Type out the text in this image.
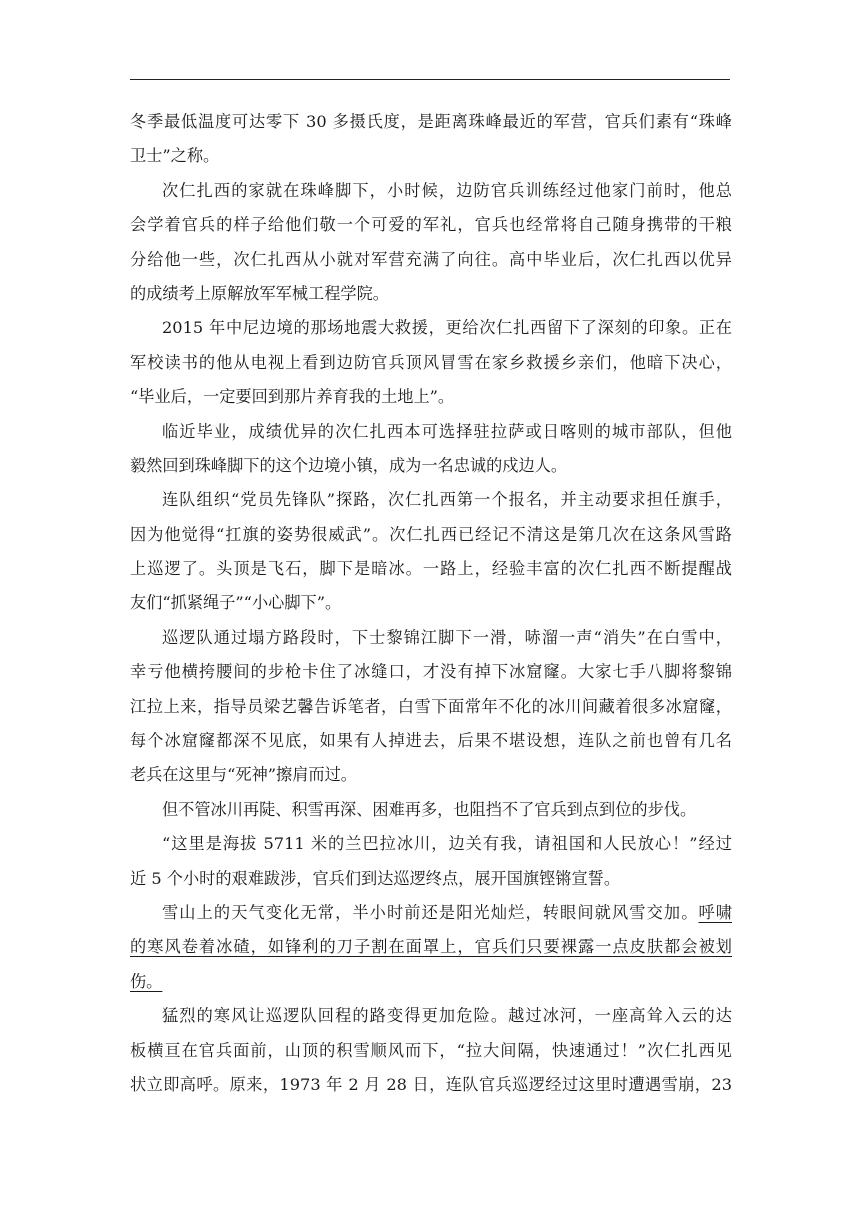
冬季最低温度可达零下 30 多摄氏度，是距离珠峰最近的军营，官兵们素有“珠峰
卫士”之称。
次仁扎西的家就在珠峰脚下，小时候，边防官兵训练经过他家门前时，他总
会学着官兵的样子给他们敬一个可爱的军礼，官兵也经常将自己随身携带的干粮
分给他一些，次仁扎西从小就对军营充满了向往。高中毕业后，次仁扎西以优异
的成绩考上原解放军军械工程学院。
2015 年中尼边境的那场地震大救援，更给次仁扎西留下了深刻的印象。正在
军校读书的他从电视上看到边防官兵顶风冒雪在家乡救援乡亲们，他暗下决心，
“毕业后，一定要回到那片养育我的土地上”。
临近毕业，成绩优异的次仁扎西本可选择驻拉萨或日喀则的城市部队，但他
毅然回到珠峰脚下的这个边境小镇，成为一名忠诚的戍边人。
连队组织“党员先锋队”探路，次仁扎西第一个报名，并主动要求担任旗手，
因为他觉得“扛旗的姿势很威武”。次仁扎西已经记不清这是第几次在这条风雪路
上巡逻了。头顶是飞石，脚下是暗冰。一路上，经验丰富的次仁扎西不断提醒战
友们“抓紧绳子”“小心脚下”。
巡逻队通过塌方路段时，下士黎锦江脚下一滑，哧溜一声“消失”在白雪中，
幸亏他横挎腰间的步枪卡住了冰缝口，才没有掉下冰窟窿。大家七手八脚将黎锦
江拉上来，指导员梁艺馨告诉笔者，白雪下面常年不化的冰川间藏着很多冰窟窿，
每个冰窟窿都深不见底，如果有人掉进去，后果不堪设想，连队之前也曾有几名
老兵在这里与“死神”擦肩而过。
但不管冰川再陡、积雪再深、困难再多，也阻挡不了官兵到点到位的步伐。
“这里是海拔 5711 米的兰巴拉冰川，边关有我，请祖国和人民放心！”经过
近 5 个小时的艰难跋涉，官兵们到达巡逻终点，展开国旗铿锵宣誓。
雪山上的天气变化无常，半小时前还是阳光灿烂，转眼间就风雪交加。呼啸
的寒风卷着冰碴，如锋利的刀子割在面罩上，官兵们只要裸露一点皮肤都会被划
伤。
猛烈的寒风让巡逻队回程的路变得更加危险。越过冰河，一座高耸入云的达
板横亘在官兵面前，山顶的积雪顺风而下，“拉大间隔，快速通过！”次仁扎西见
状立即高呼。原来，1973 年 2 月 28 日，连队官兵巡逻经过这里时遭遇雪崩，23
